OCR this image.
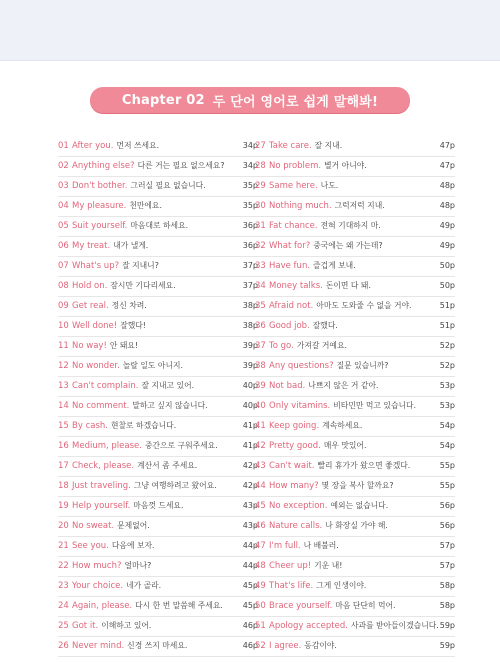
Chapter 02 두 단어 영어로 쉽게 말해봐!
01 After you. 먼저 쓰세요.	34p
02 Anything else? 다른 거는 필요 없으세요? 34p
03 Don't bother. 그러실 필요 없습니다.	35p
04 My pleasure. 천만에요.	35p
05 Suit yourself. 마음대로 하세요.	36p
06 My treat. 내가 낼게.	36p
07 What's up? 잘 지내니?	37p
08 Hold on. 잠시만 기다리세요.	37p
09 Get real. 정신 차려.	38p
10 Well done! 잘했다!	38p
11 No way! 안 돼요!	39p
12 No wonder. 놀랄 일도 아니지.	39p
13 Can't complain. 잘 지내고 있어.	40p
14 No comment. 말하고 싶지 않습니다.	40p
15 By cash. 현찰로 하겠습니다.	41p
16 Medium, please. 중간으로 구워주세요.	41p
17 Check, please. 계산서 좀 주세요.	42p
18 Just traveling. 그냥 여행하려고 왔어요.	42p
19 Help yourself. 마음껏 드세요.	43p
20 No sweat. 문제없어.	43p
21 See you. 다음에 보자.	44p
22 How much? 얼마나?	44p
23 Your choice. 네가 골라.	45p
24 Again, please. 다시 한 번 말씀해 주세요. 45p
25 Got it. 이해하고 있어.	46p
26 Never mind. 신경 쓰지 마세요.	46p
27 Take care. 잘 지내.	47p
28 No problem. 별거 아니야.	47p
29 Same here. 나도.	48p
30 Nothing much. 그럭저럭 지내.	48p
31 Fat chance. 전혀 기대하지 마.	49p
32 What for? 중국에는 왜 가는데?	49p
33 Have fun. 즐겁게 보내.	50p
34 Money talks. 돈이면 다 돼.	50p
35 Afraid not. 아마도 도와줄 수 없을 거야.	51p
36 Good job. 잘했다.	51p
37 To go. 가져갈 거예요.	52p
38 Any questions? 질문 있습니까?	52p
39 Not bad. 나쁘지 않은 거 같아.	53p
40 Only vitamins. 비타민만 먹고 있습니다.	53p
41 Keep going. 계속하세요.	54p
42 Pretty good. 매우 맛있어.	54p
43 Can't wait. 빨리 휴가가 왔으면 좋겠다.	55p
44 How many? 몇 장을 복사 할까요?	55p
45 No exception. 예외는 없습니다.	56p
46 Nature calls. 나 화장실 가야 해.	56p
47 I'm full. 나 배불러.	57p
48 Cheer up! 기운 내!	57p
49 That's life. 그게 인생이야.	58p
50 Brace yourself. 마음 단단히 먹어.	58p
51 Apology accepted. 사과를 받아들이겠습니다. 59p
52 I agree. 동감이야.	59p
